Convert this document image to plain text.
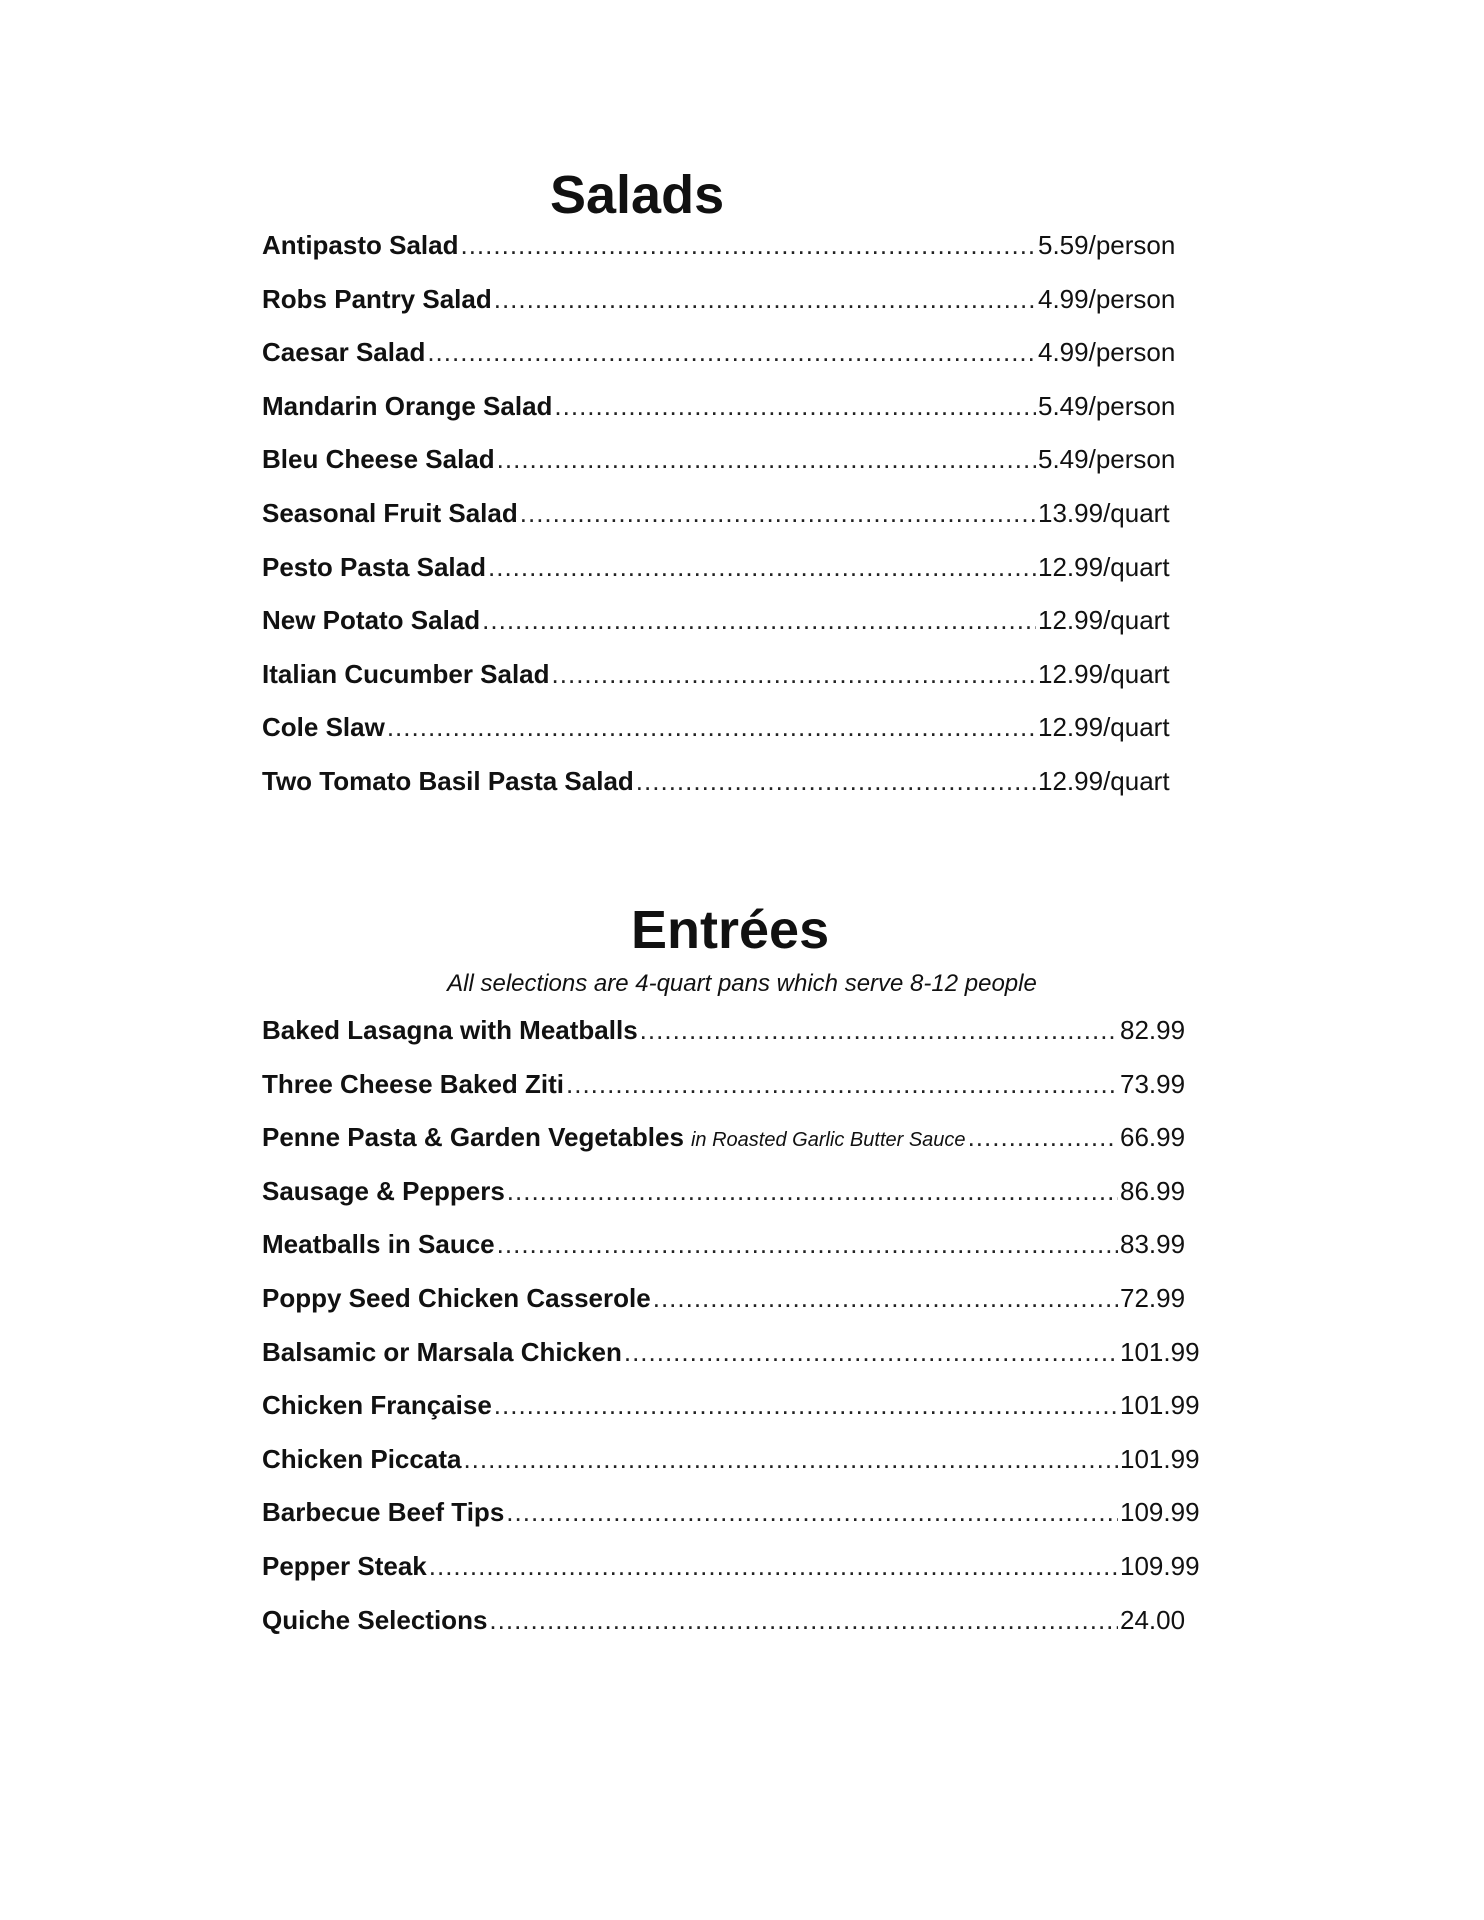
Salads
Antipasto Salad .....	5.59/person
Robs Pantry Salad .....	4.99/person
Caesar Salad .....	4.99/person
Mandarin Orange Salad .....	5.49/person
Bleu Cheese Salad .....	5.49/person
Seasonal Fruit Salad .....	13.99/quart
Pesto Pasta Salad .....	12.99/quart
New Potato Salad .....	12.99/quart
Italian Cucumber Salad .....	12.99/quart
Cole Slaw .....	12.99/quart
Two Tomato Basil Pasta Salad .....	12.99/quart
Entrées
All selections are 4-quart pans which serve 8-12 people
Baked Lasagna with Meatballs .....	82.99
Three Cheese Baked Ziti .....	73.99
Penne Pasta & Garden Vegetables in Roasted Garlic Butter Sauce .....	66.99
Sausage & Peppers .....	86.99
Meatballs in Sauce .....	83.99
Poppy Seed Chicken Casserole .....	72.99
Balsamic or Marsala Chicken .....	101.99
Chicken Française .....	101.99
Chicken Piccata .....	101.99
Barbecue Beef Tips .....	109.99
Pepper Steak .....	109.99
Quiche Selections .....	24.00
